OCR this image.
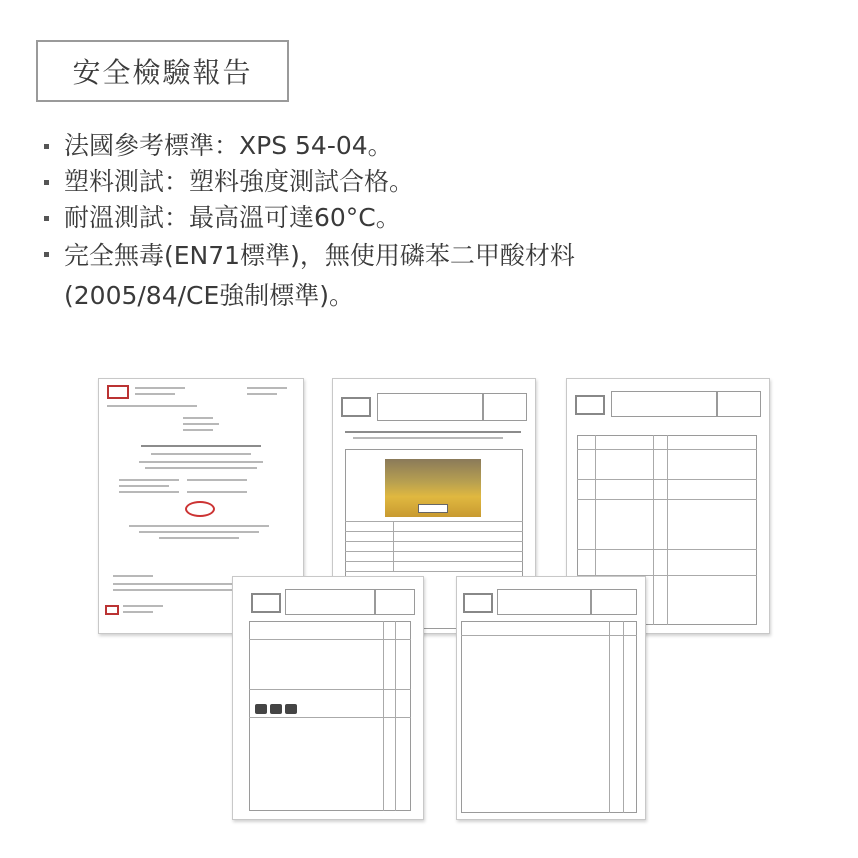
安全檢驗報告
法國參考標準：XPS 54-04。
塑料測試：塑料強度測試合格。
耐溫測試：最高溫可達60°C。
完全無毒(EN71標準)，無使用磷苯二甲酸材料
(2005/84/CE強制標準)。
